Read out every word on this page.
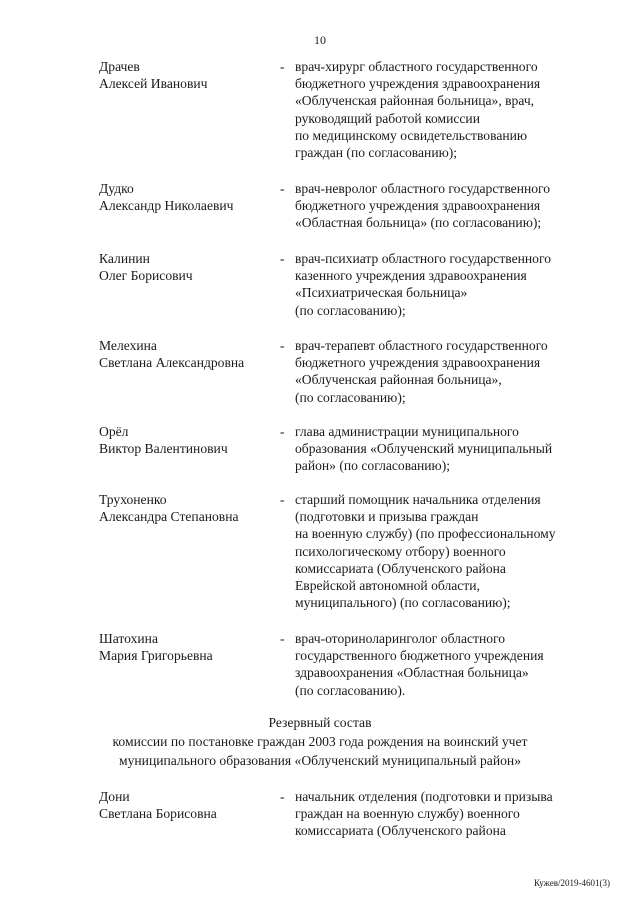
10
Драчев
Алексей Иванович
- врач-хирург областного государственного
бюджетного учреждения здравоохранения
«Облученская районная больница», врач,
руководящий работой комиссии
по медицинскому освидетельствованию
граждан (по согласованию);
Дудко
Александр Николаевич
- врач-невролог областного государственного
бюджетного учреждения здравоохранения
«Областная больница» (по согласованию);
Калинин
Олег Борисович
- врач-психиатр областного государственного
казенного учреждения здравоохранения
«Психиатрическая больница»
(по согласованию);
Мелехина
Светлана Александровна
- врач-терапевт областного государственного
бюджетного учреждения здравоохранения
«Облученская районная больница»,
(по согласованию);
Орёл
Виктор Валентинович
- глава администрации муниципального
образования «Облученский муниципальный
район» (по согласованию);
Трухоненко
Александра Степановна
- старший помощник начальника отделения
(подготовки и призыва граждан
на военную службу) (по профессиональному
психологическому отбору) военного
комиссариата (Облученского района
Еврейской автономной области,
муниципального) (по согласованию);
Шатохина
Мария Григорьевна
- врач-оториноларинголог областного
государственного бюджетного учреждения
здравоохранения «Областная больница»
(по согласованию).
Резервный состав
комиссии по постановке граждан 2003 года рождения на воинский учет
муниципального образования «Облученский муниципальный район»
Дони
Светлана Борисовна
- начальник отделения (подготовки и призыва
граждан на военную службу) военного
комиссариата (Облученского района
Кужев/2019-4601(3)
